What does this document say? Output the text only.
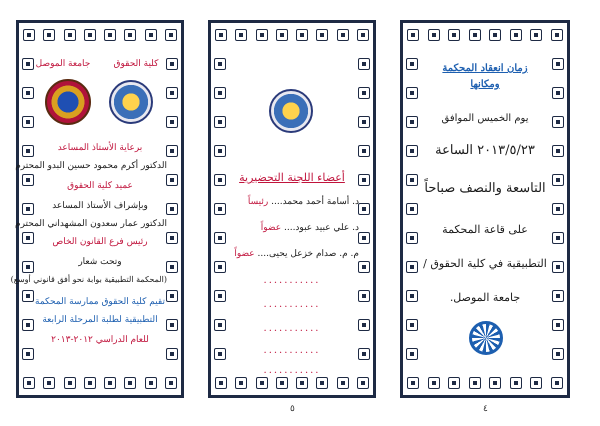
جامعة الموصل	كلية الحقوق
برعاية الأستاذ المساعد
الدكتور أكرم محمود حسين البدو المحترم
عميد كلية الحقوق
وبإشراف الأستاذ المساعد
الدكتور عمار سعدون المشهداني المحترم
رئيس فرع القانون الخاص
وتحت شعار
(المحكمة التطبيقية بوابة نحو أفق قانوني أوسع)
تقيم كلية الحقوق ممارسة المحكمة
التطبيقية لطلبة المرحلة الرابعة
للعام الدراسي ٢٠١٢-٢٠١٣
أعضاء اللجنة التحضيرية
د. أسامة أحمد محمد.... رئيساً
د. علي عبيد عبود.... عضواً
م. م. صدام خزعل يحيى.... عضواً
...........
...........
...........
...........
...........
٥
زمان انعقاد المحكمة
ومكانها
يوم الخميس الموافق
٢٠١٣/٥/٢٣ الساعة
التاسعة والنصف صباحاً
على قاعة المحكمة
التطبيقية في كلية الحقوق /
جامعة الموصل.
٤
